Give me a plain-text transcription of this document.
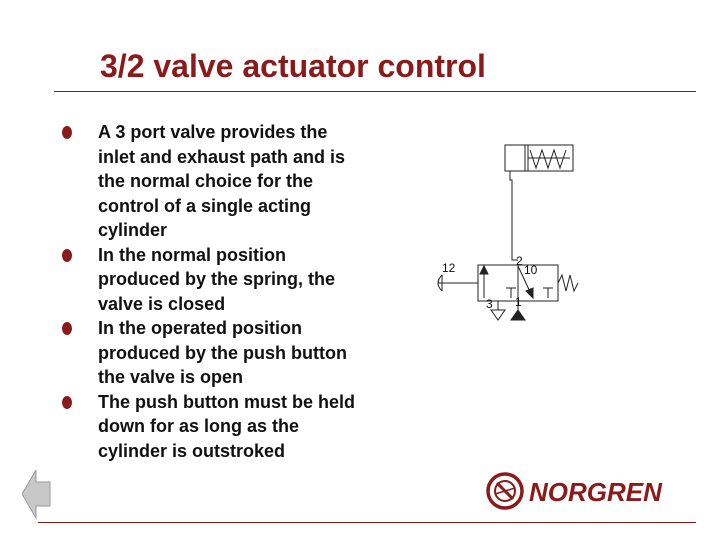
3/2 valve actuator control
A 3 port valve provides the inlet and exhaust path and is the normal choice for the control of a single acting cylinder
In the normal position produced by the spring, the valve is closed
In the operated position produced by the push button the valve is open
The push button must be held down for as long as the cylinder is outstroked
12	2
10
3 1
NORGREN
